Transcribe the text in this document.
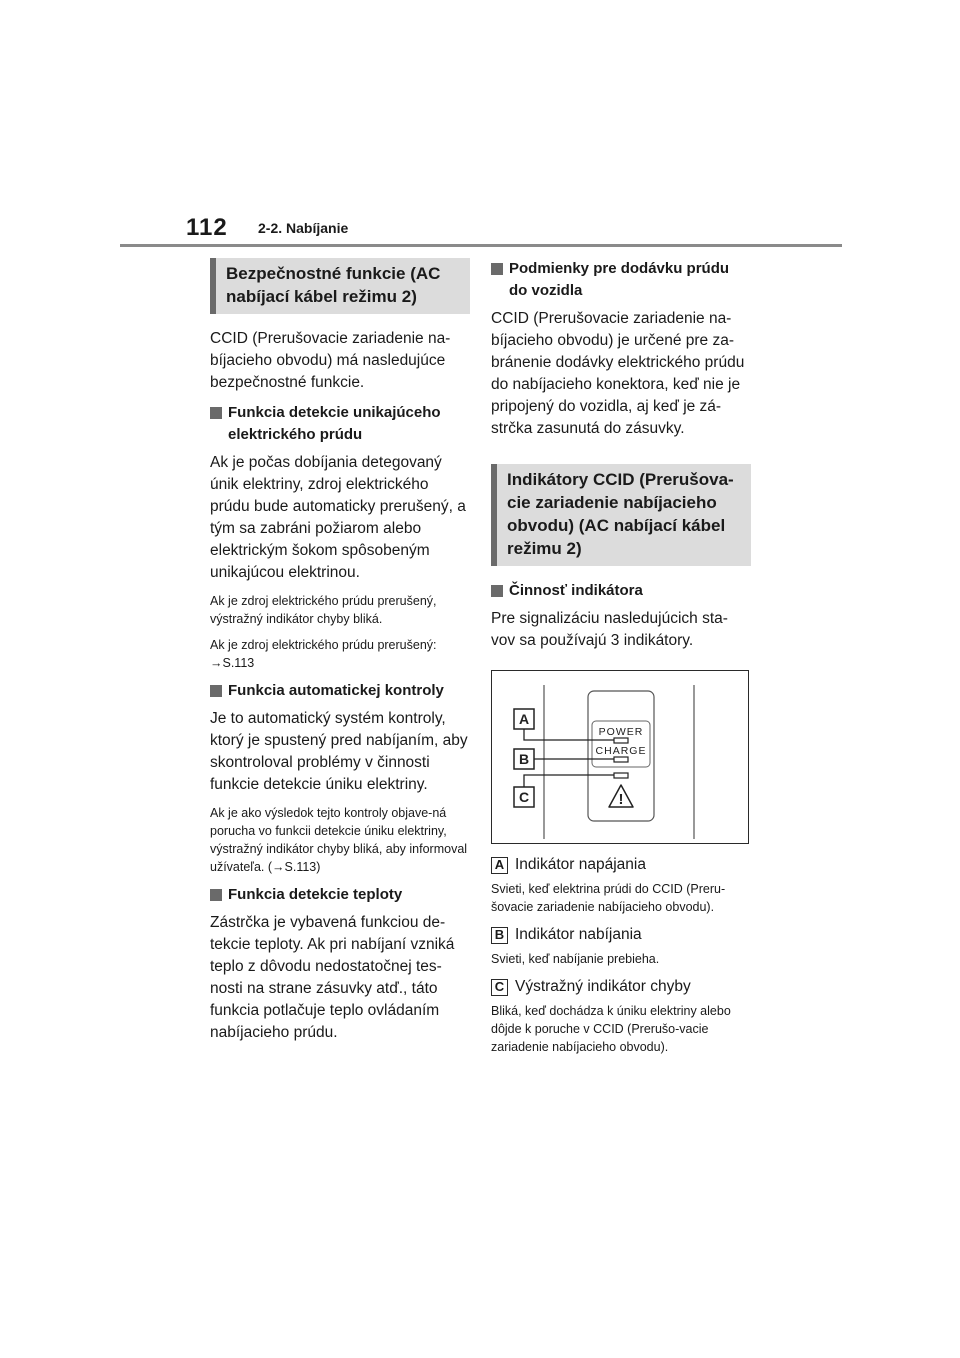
112 2-2. Nabíjanie
Bezpečnostné funkcie (AC nabíjací kábel režimu 2)

CCID (Prerušovacie zariadenie na-bíjacieho obvodu) má nasledujúce bezpečnostné funkcie.

Funkcia detekcie unikajúceho elektrického prúdu

Ak je počas dobíjania detegovaný únik elektriny, zdroj elektrického prúdu bude automaticky prerušený, a tým sa zabráni požiarom alebo elektrickým šokom spôsobeným unikajúcou elektrinou.

Ak je zdroj elektrického prúdu prerušený, výstražný indikátor chyby bliká.

Ak je zdroj elektrického prúdu prerušený: →S.113

Funkcia automatickej kontroly

Je to automatický systém kontroly, ktorý je spustený pred nabíjaním, aby skontroloval problémy v činnosti funkcie detekcie úniku elektriny.

Ak je ako výsledok tejto kontroly objave-ná porucha vo funkcii detekcie úniku elektriny, výstražný indikátor chyby bliká, aby informoval užívateľa. (→S.113)

Funkcia detekcie teploty

Zástrčka je vybavená funkciou de-tekcie teploty. Ak pri nabíjaní vzniká teplo z dôvodu nedostatočnej tes-nosti na strane zásuvky atď., táto funkcia potlačuje teplo ovládaním nabíjacieho prúdu.

Podmienky pre dodávku prúdu do vozidla

CCID (Prerušovacie zariadenie na-bíjacieho obvodu) je určené pre za-bránenie dodávky elektrického prúdu do nabíjacieho konektora, keď nie je pripojený do vozidla, aj keď je zá-strčka zasunutá do zásuvky.

Indikátory CCID (Prerušova-cie zariadenie nabíjacieho obvodu) (AC nabíjací kábel režimu 2)
Činnosť indikátora

Pre signalizáciu nasledujúcich sta-vov sa používajú 3 indikátory.

POWER
CHARGE
!
A
B
C
A Indikátor napájania

Svieti, keď elektrina prúdi do CCID (Preru-šovacie zariadenie nabíjacieho obvodu).

B Indikátor nabíjania

Svieti, keď nabíjanie prebieha.

C Výstražný indikátor chyby

Bliká, keď dochádza k úniku elektriny alebo dôjde k poruche v CCID (Prerušo-vacie zariadenie nabíjacieho obvodu).
